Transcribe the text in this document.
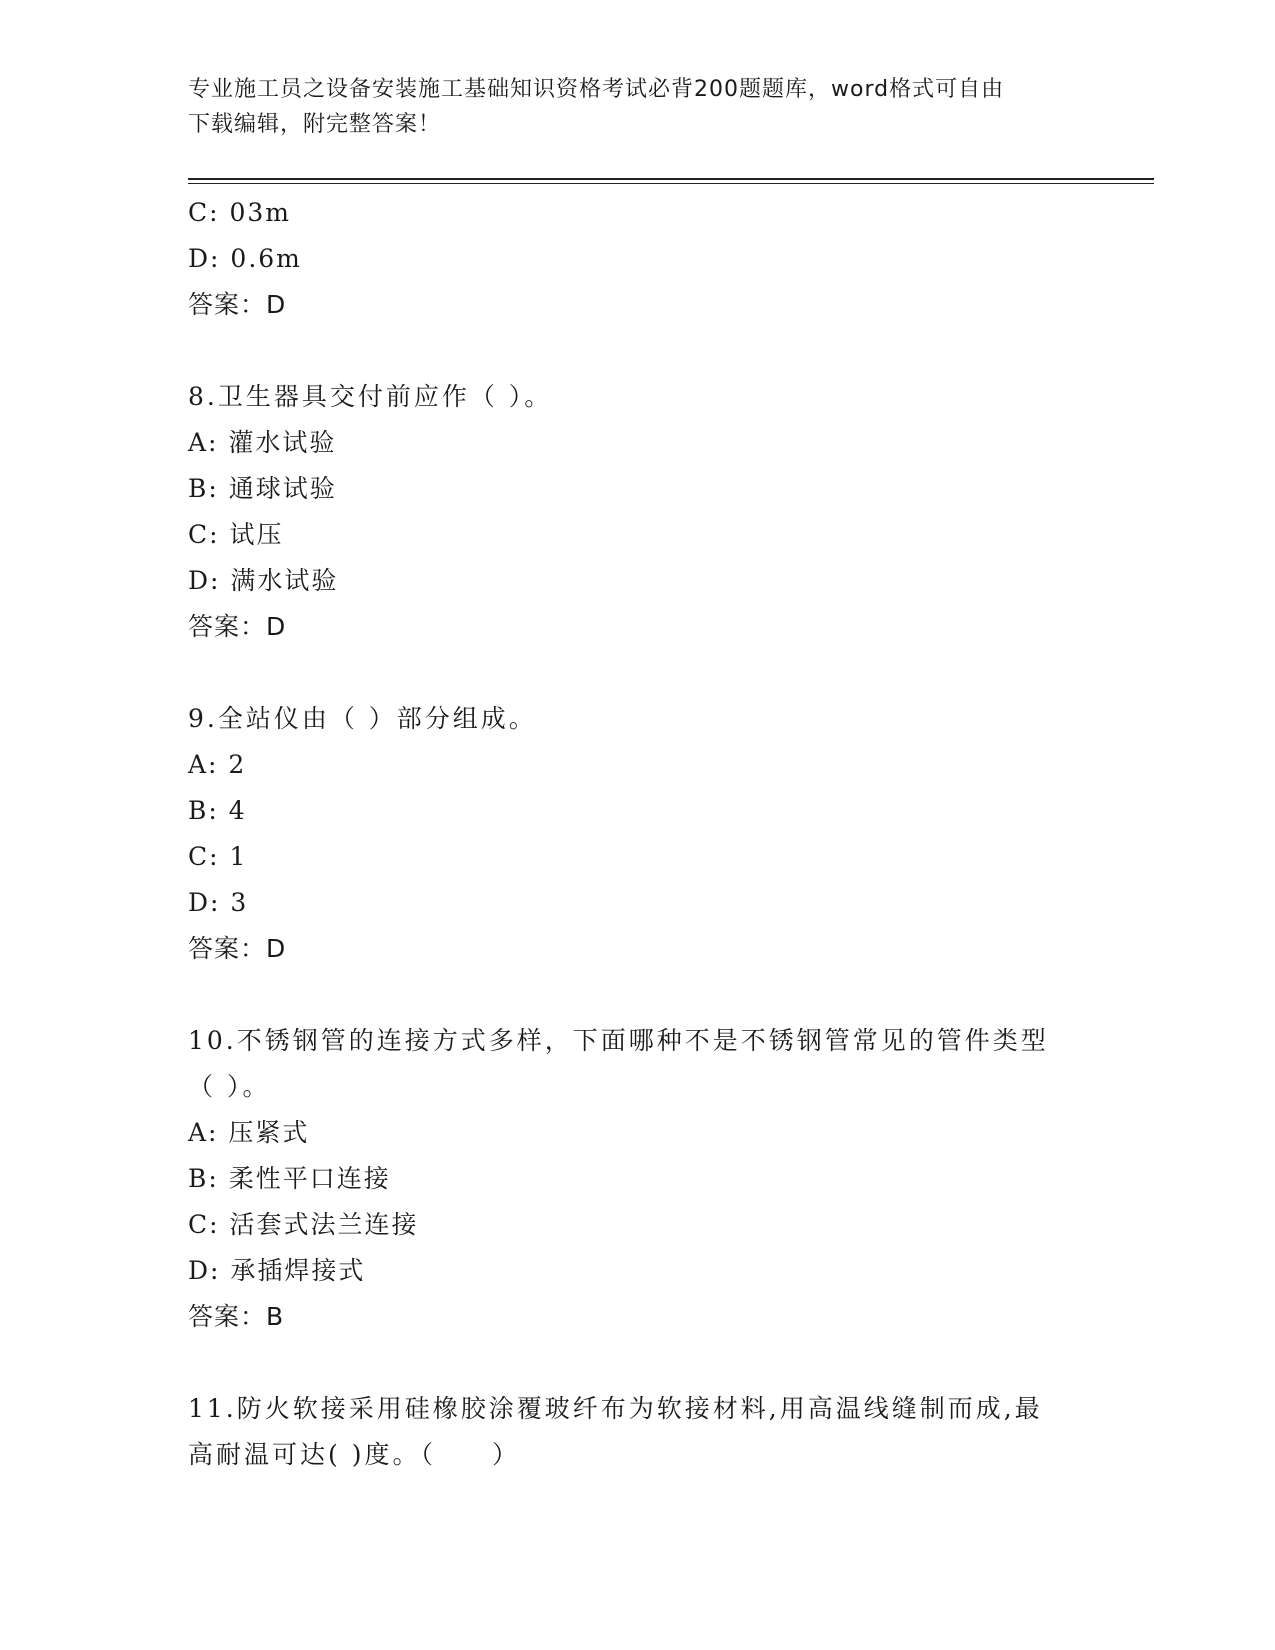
专业施工员之设备安装施工基础知识资格考试必背200题题库，word格式可自由
下载编辑，附完整答案！
C: 03m
D: 0.6m
答案：D
8.卫生器具交付前应作（ ）。
A: 灌水试验
B: 通球试验
C: 试压
D: 满水试验
答案：D
9.全站仪由（ ）部分组成。
A: 2
B: 4
C: 1
D: 3
答案：D
10.不锈钢管的连接方式多样，下面哪种不是不锈钢管常见的管件类型
（ ）。
A: 压紧式
B: 柔性平口连接
C: 活套式法兰连接
D: 承插焊接式
答案：B
11.防火软接采用硅橡胶涂覆玻纤布为软接材料,用高温线缝制而成,最
高耐温可达( )度。（　　）
